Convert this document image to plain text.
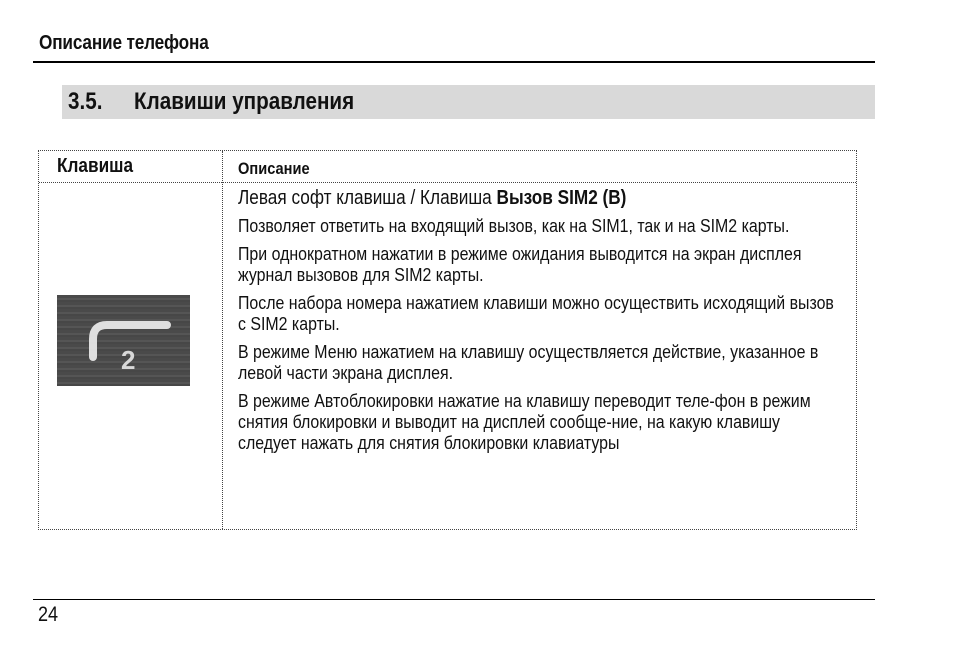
Описание телефона
3.5. Клавиши управления
Клавиша	Описание
2
Левая софт клавиша / Клавиша Вызов SIM2 (B)
Позволяет ответить на входящий вызов, как на SIM1, так и на SIM2 карты.
При однократном нажатии в режиме ожидания выводится на экран дисплея журнал вызовов для SIM2 карты.
После набора номера нажатием клавиши можно осуществить исходящий вызов с SIM2 карты.
В режиме Меню нажатием на клавишу осуществляется действие, указанное в левой части экрана дисплея.
В режиме Автоблокировки нажатие на клавишу переводит теле-фон в режим снятия блокировки и выводит на дисплей сообще-ние, на какую клавишу следует нажать для снятия блокировки клавиатуры
24
